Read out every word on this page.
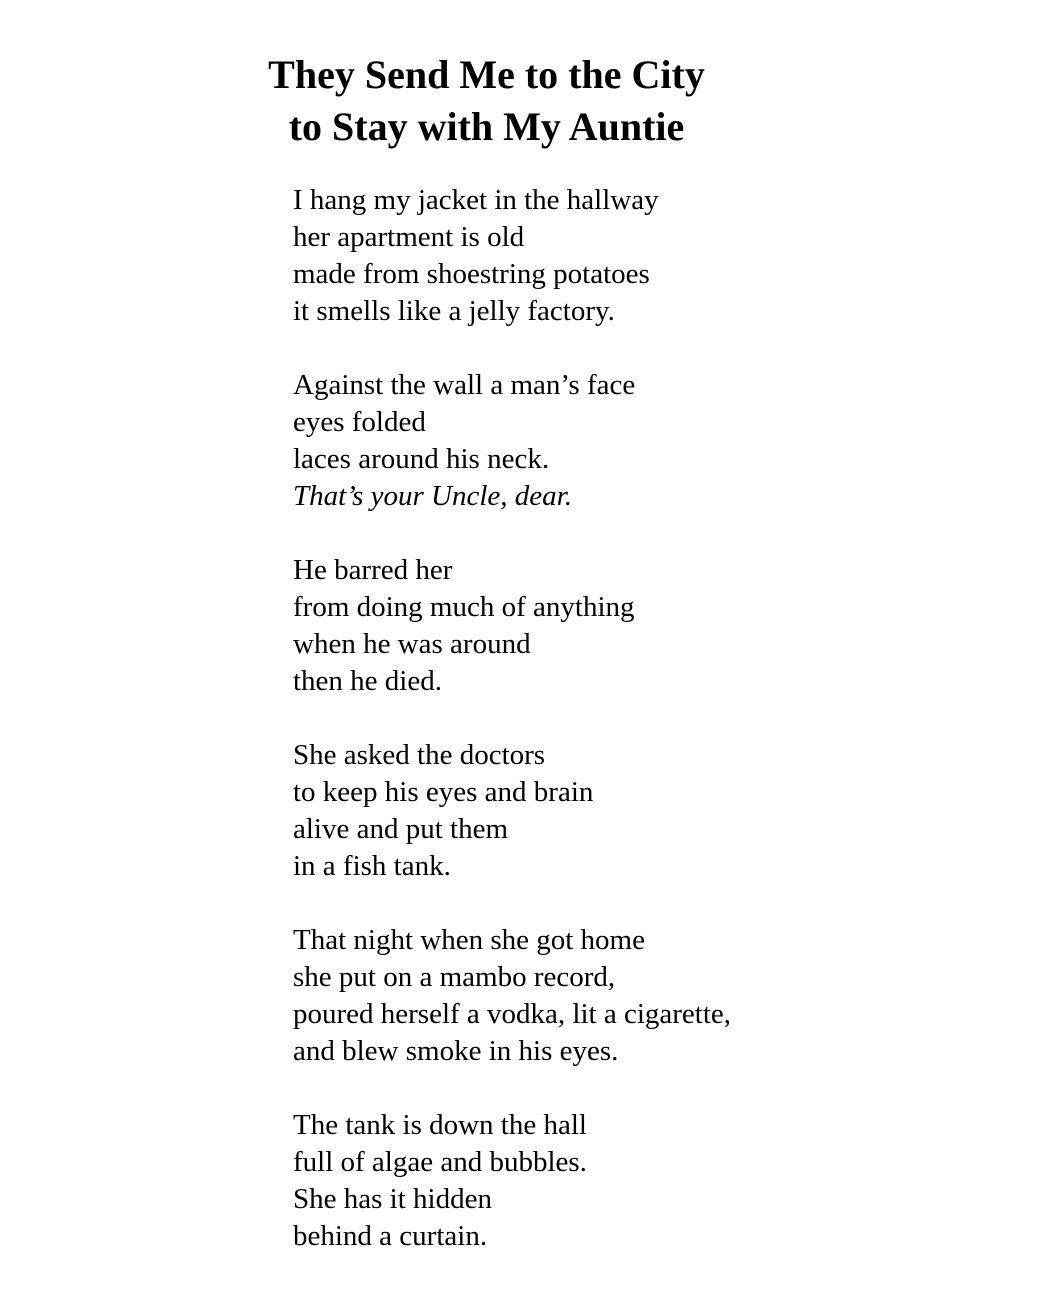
They Send Me to the City
to Stay with My Auntie
I hang my jacket in the hallway
her apartment is old
made from shoestring potatoes
it smells like a jelly factory.
Against the wall a man’s face
eyes folded
laces around his neck.
That’s your Uncle, dear.
He barred her
from doing much of anything
when he was around
then he died.
She asked the doctors
to keep his eyes and brain
alive and put them
in a fish tank.
That night when she got home
she put on a mambo record,
poured herself a vodka, lit a cigarette,
and blew smoke in his eyes.
The tank is down the hall
full of algae and bubbles.
She has it hidden
behind a curtain.
